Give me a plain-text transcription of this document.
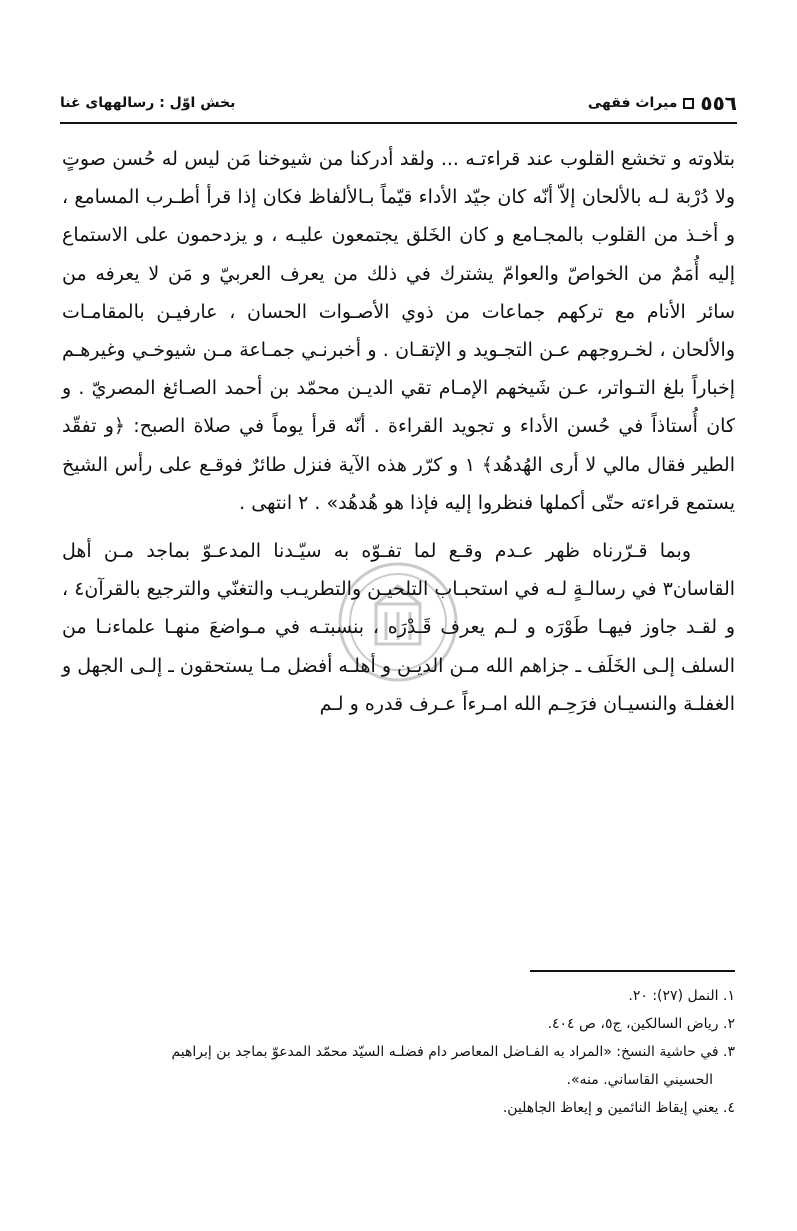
٥٥٦
میراث فقهی
بخش اوّل : رسالههای غنا

بتلاوته و تخشع القلوب عند قراءتـه ... ولقد أدركنا من شيوخنا مَن ليس له حُسن صوتٍ ولا دُرْبة لـه بالألحان إلاّ أنّه كان جيّد الأداء قيّماً بـالألفاظ فكان إذا قرأ أطـرب المسامع ، و أخـذ من القلوب بالمجـامع و كان الخَلق يجتمعون عليـه ، و يزدحمون على الاستماع إليه أُمَمٌ من الخواصّ والعوامّ يشترك في ذلك من يعرف العربيّ و مَن لا يعرفه من سائر الأنام مع تركهم جماعات من ذوي الأصـوات الحسان ، عارفيـن بالمقامـات والألحان ، لخـروجهم عـن التجـويد و الإتقـان . و أخبرنـي جمـاعة مـن شيوخـي وغيرهـم إخباراً بلغ التـواتر، عـن شَيخهم الإمـام تقي الديـن محمّد بن أحمد الصـائغ المصريّ . و كان أُستاذاً في حُسن الأداء و تجويد القراءة . أنّه قرأ يوماً في صلاة الصبح: ﴿و تفقّد الطير فقال مالي لا أرى الهُدهُد﴾ ١ و كرّر هذه الآية فنزل طائرٌ فوقـع على رأس الشيخ يستمع قراءته حتّى أكملها فنظروا إليه فإذا هو هُدهُد» . ٢ انتهى .

وبما قـرّرناه ظهر عـدم وقـع لما تفـوّه به سيّـدنا المدعـوّ بماجد مـن أهل القاسان٣ في رسالـةٍ لـه في استحبـاب التلحيـن والتطريـب والتغنّي والترجيع بالقرآن٤ ، و لقـد جاوز فيهـا طَوْرَه و لـم يعرف قَـدْرَه ، بنسبتـه في مـواضعَ منهـا علماءنـا من السلف إلـى الخَلَف ـ جزاهم الله مـن الديـن و أهلـه أفضل مـا يستحقون ـ إلـى الجهل و الغفلـة والنسيـان فرَحِـم الله امـرءاً عـرف قدره و لـم

١. النمل (٢٧): ٢٠.

٢. رياض السالكين، ج٥، ص ٤٠٤.

٣. في حاشية النسخ: «المراد به الفـاضل المعاصر دام فضلـه السيّد محمّد المدعوّ بماجد بن إبراهيم
الحسيني القاساني. منه».

٤. يعني إيقاظ النائمين و إيعاظ الجاهلين.
